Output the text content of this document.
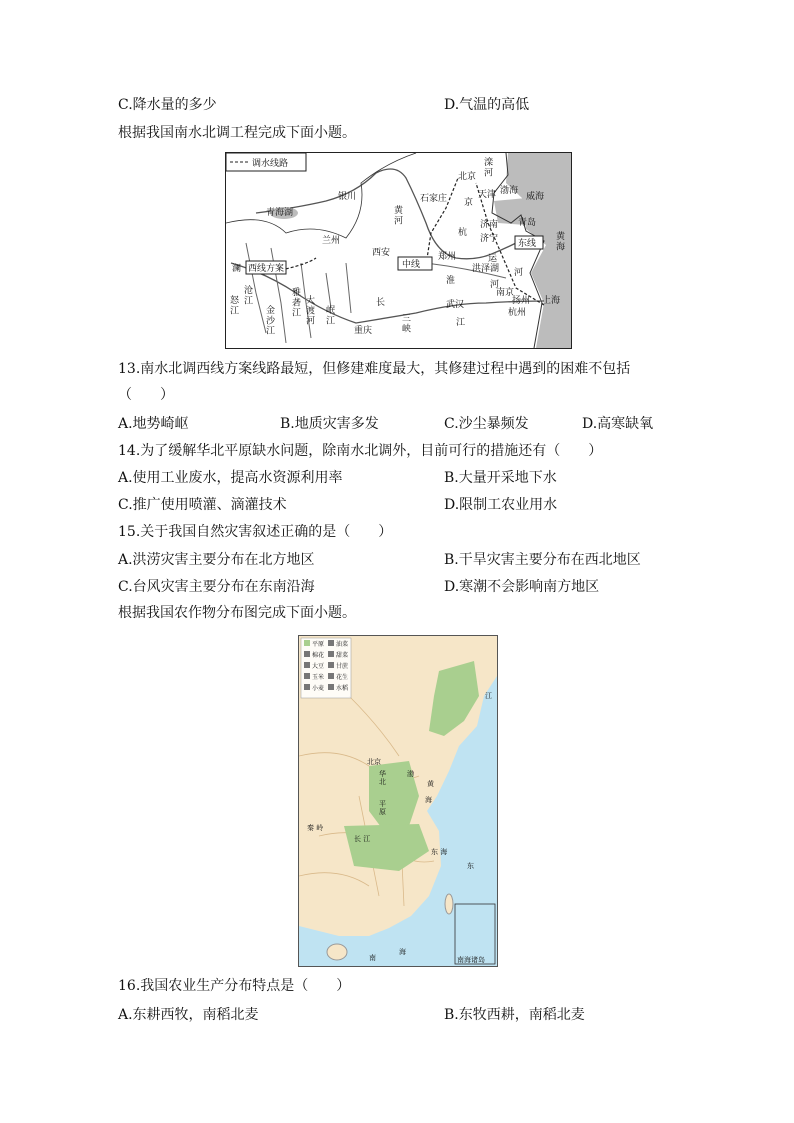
C.降水量的多少	D.气温的高低
根据我国南水北调工程完成下面小题。
调水线路	滦河
北京
石家庄 京
天津 渤海
威海
银川
青海湖	黄河
杭
济南 青岛
济宁
兰州	东线
黄海
西安
中线
郑州	运
西线方案
澜
沧江
洪泽湖 河
淮
怒江	金沙江
雅砻江
大渡河
岷江
长	武汉
南京
上海
扬州
三峡
重庆
江
杭州
河
13.南水北调西线方案线路最短，但修建难度最大，其修建过程中遇到的困难不包括
（　　）
A.地势崎岖	B.地质灾害多发	C.沙尘暴频发	D.高寒缺氧
14.为了缓解华北平原缺水问题，除南水北调外，目前可行的措施还有（　　）
A.使用工业废水，提高水资源利用率	B.大量开采地下水
C.推广使用喷灌、滴灌技术	D.限制工农业用水
15.关于我国自然灾害叙述正确的是（　　）
A.洪涝灾害主要分布在北方地区	B.干旱灾害主要分布在西北地区
C.台风灾害主要分布在东南沿海	D.寒潮不会影响南方地区
根据我国农作物分布图完成下面小题。
平原 油菜
棉花 甜菜
大豆 甘蔗
玉米 花生
小麦 水稻
北京
渤
黄
海
东
东 海
南
海
华北
平原
秦 岭
长 江
南海诸岛
江
16.我国农业生产分布特点是（　　）
A.东耕西牧，南稻北麦	B.东牧西耕，南稻北麦
